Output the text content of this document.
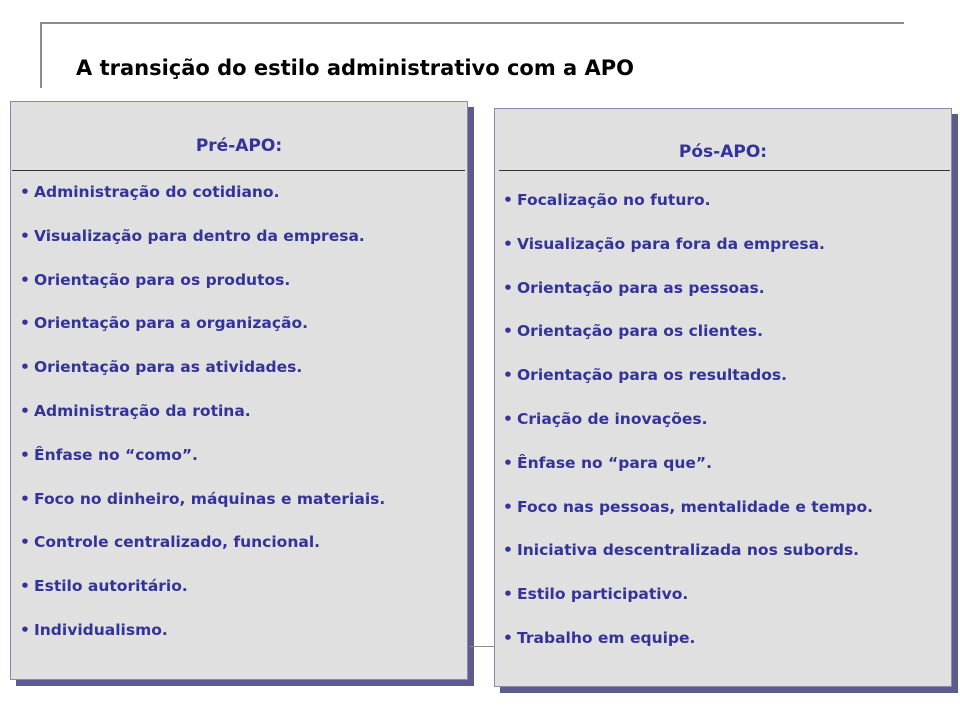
A transição do estilo administrativo com a APO
Pré-APO:
• Administração do cotidiano.
• Visualização para dentro da empresa.
• Orientação para os produtos.
• Orientação para a organização.
• Orientação para as atividades.
• Administração da rotina.
• Ênfase no “como”.
• Foco no dinheiro, máquinas e materiais.
• Controle centralizado, funcional.
• Estilo autoritário.
• Individualismo.
Pós-APO:
• Focalização no futuro.
• Visualização para fora da empresa.
• Orientação para as pessoas.
• Orientação para os clientes.
• Orientação para os resultados.
• Criação de inovações.
• Ênfase no “para que”.
• Foco nas pessoas, mentalidade e tempo.
• Iniciativa descentralizada nos subords.
• Estilo participativo.
• Trabalho em equipe.
